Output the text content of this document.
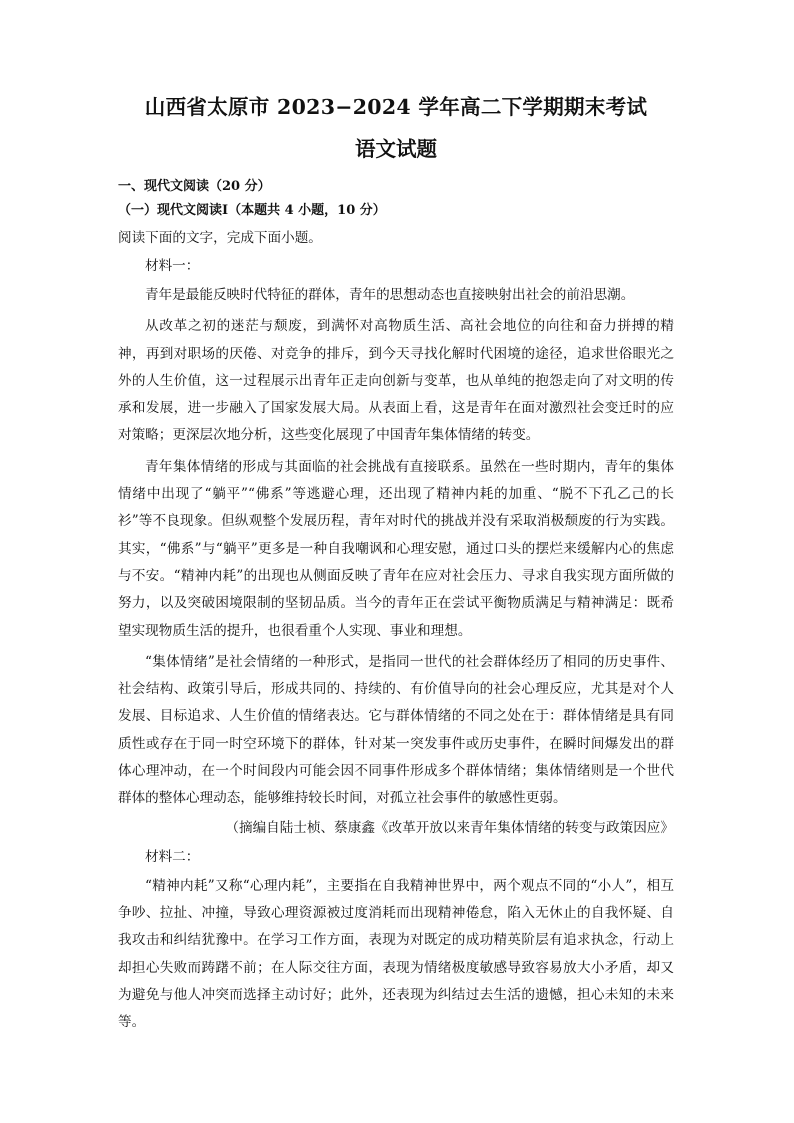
山西省太原市 2023−2024 学年高二下学期期末考试
语文试题

一、现代文阅读（20 分）

（一）现代文阅读Ⅰ（本题共 4 小题，10 分）

阅读下面的文字，完成下面小题。

材料一：

青年是最能反映时代特征的群体，青年的思想动态也直接映射出社会的前沿思潮。

从改革之初的迷茫与颓废，到满怀对高物质生活、高社会地位的向往和奋力拼搏的精神，再到对职场的厌倦、对竞争的排斥，到今天寻找化解时代困境的途径，追求世俗眼光之外的人生价值，这一过程展示出青年正走向创新与变革，也从单纯的抱怨走向了对文明的传承和发展，进一步融入了国家发展大局。从表面上看，这是青年在面对激烈社会变迁时的应对策略；更深层次地分析，这些变化展现了中国青年集体情绪的转变。

青年集体情绪的形成与其面临的社会挑战有直接联系。虽然在一些时期内，青年的集体情绪中出现了“躺平”“佛系”等逃避心理，还出现了精神内耗的加重、“脱不下孔乙己的长衫”等不良现象。但纵观整个发展历程，青年对时代的挑战并没有采取消极颓废的行为实践。其实，“佛系”与“躺平”更多是一种自我嘲讽和心理安慰，通过口头的摆烂来缓解内心的焦虑与不安。“精神内耗”的出现也从侧面反映了青年在应对社会压力、寻求自我实现方面所做的努力，以及突破困境限制的坚韧品质。当今的青年正在尝试平衡物质满足与精神满足：既希望实现物质生活的提升，也很看重个人实现、事业和理想。

“集体情绪”是社会情绪的一种形式，是指同一世代的社会群体经历了相同的历史事件、社会结构、政策引导后，形成共同的、持续的、有价值导向的社会心理反应，尤其是对个人发展、目标追求、人生价值的情绪表达。它与群体情绪的不同之处在于：群体情绪是具有同质性或存在于同一时空环境下的群体，针对某一突发事件或历史事件，在瞬时间爆发出的群体心理冲动，在一个时间段内可能会因不同事件形成多个群体情绪；集体情绪则是一个世代群体的整体心理动态，能够维持较长时间，对孤立社会事件的敏感性更弱。

（摘编自陆士桢、蔡康鑫《改革开放以来青年集体情绪的转变与政策因应》

材料二：

“精神内耗”又称“心理内耗”，主要指在自我精神世界中，两个观点不同的“小人”，相互争吵、拉扯、冲撞，导致心理资源被过度消耗而出现精神倦怠，陷入无休止的自我怀疑、自我攻击和纠结犹豫中。在学习工作方面，表现为对既定的成功精英阶层有追求执念，行动上却担心失败而踌躇不前；在人际交往方面，表现为情绪极度敏感导致容易放大小矛盾，却又为避免与他人冲突而选择主动讨好；此外，还表现为纠结过去生活的遗憾，担心未知的未来等。
